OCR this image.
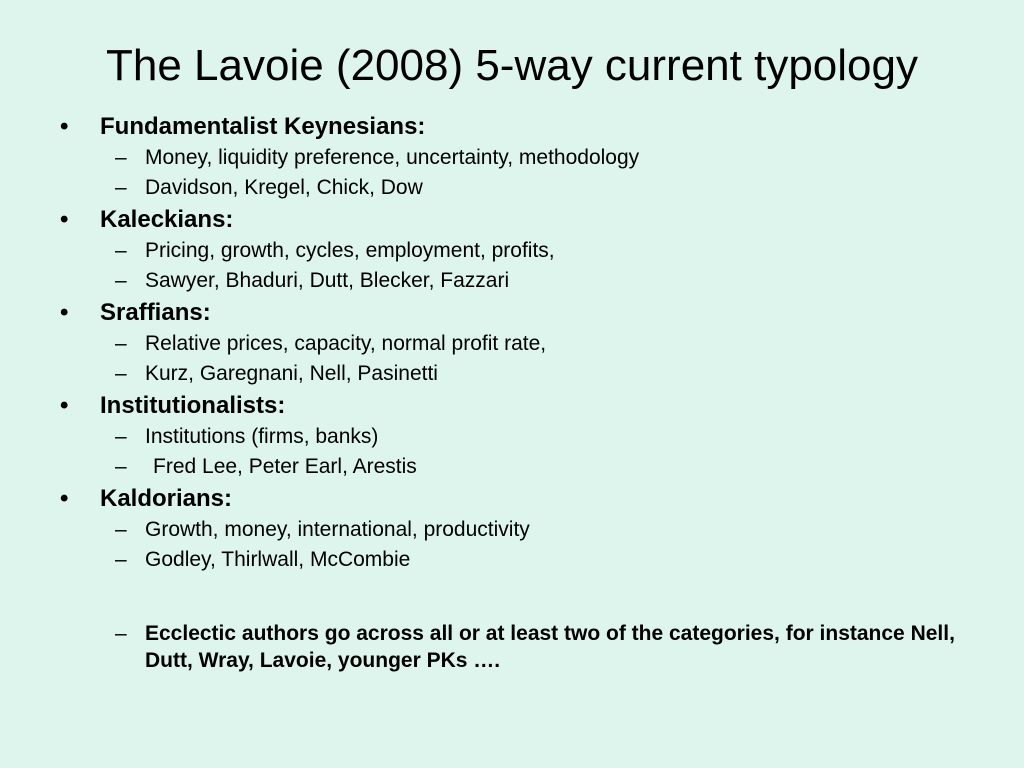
The Lavoie (2008) 5-way current typology
• Fundamentalist Keynesians:
– Money, liquidity preference, uncertainty, methodology
– Davidson, Kregel, Chick, Dow
• Kaleckians:
– Pricing, growth, cycles, employment, profits,
– Sawyer, Bhaduri, Dutt, Blecker, Fazzari
• Sraffians:
– Relative prices, capacity, normal profit rate,
– Kurz, Garegnani, Nell, Pasinetti
• Institutionalists:
– Institutions (firms, banks)
– Fred Lee, Peter Earl, Arestis
• Kaldorians:
– Growth, money, international, productivity
– Godley, Thirlwall, McCombie
– Ecclectic authors go across all or at least two of the categories, for instance Nell, Dutt, Wray, Lavoie, younger PKs ….
